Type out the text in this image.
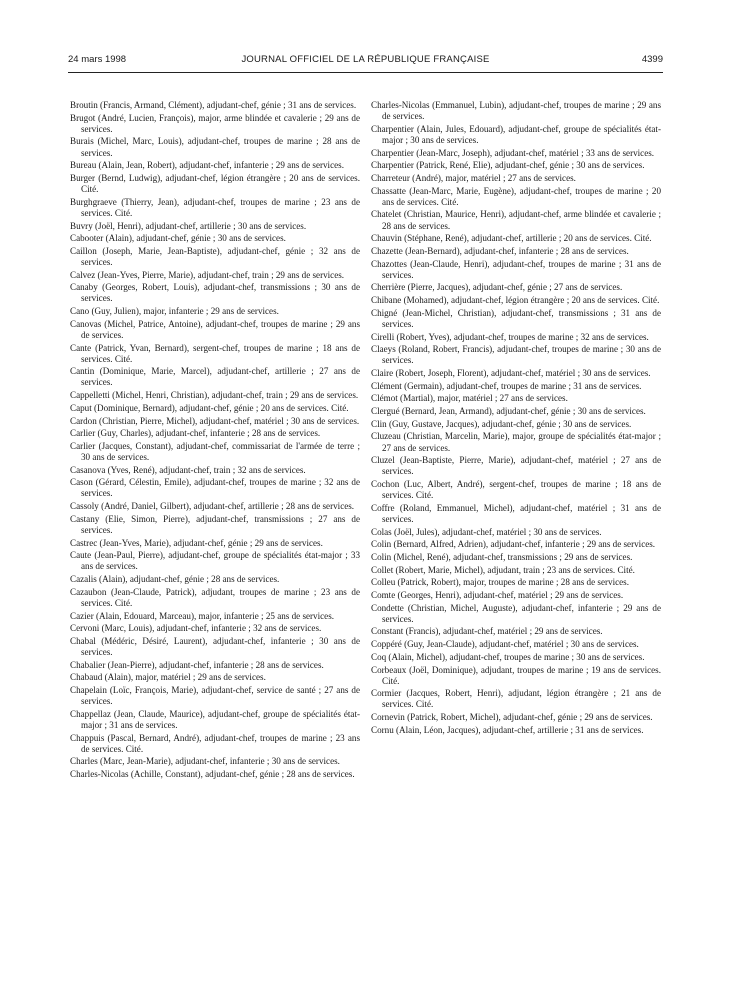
24 mars 1998	JOURNAL OFFICIEL DE LA RÉPUBLIQUE FRANÇAISE	4399

Broutin (Francis, Armand, Clément), adjudant-chef, génie ; 31 ans de services.

Brugot (André, Lucien, François), major, arme blindée et cavalerie ; 29 ans de services.

Burais (Michel, Marc, Louis), adjudant-chef, troupes de marine ; 28 ans de services.

Bureau (Alain, Jean, Robert), adjudant-chef, infanterie ; 29 ans de services.

Burger (Bernd, Ludwig), adjudant-chef, légion étrangère ; 20 ans de services. Cité.

Burghgraeve (Thierry, Jean), adjudant-chef, troupes de marine ; 23 ans de services. Cité.

Buvry (Joël, Henri), adjudant-chef, artillerie ; 30 ans de services.

Cabooter (Alain), adjudant-chef, génie ; 30 ans de services.

Caillon (Joseph, Marie, Jean-Baptiste), adjudant-chef, génie ; 32 ans de services.

Calvez (Jean-Yves, Pierre, Marie), adjudant-chef, train ; 29 ans de services.

Canaby (Georges, Robert, Louis), adjudant-chef, transmissions ; 30 ans de services.

Cano (Guy, Julien), major, infanterie ; 29 ans de services.

Canovas (Michel, Patrice, Antoine), adjudant-chef, troupes de marine ; 29 ans de services.

Cante (Patrick, Yvan, Bernard), sergent-chef, troupes de marine ; 18 ans de services. Cité.

Cantin (Dominique, Marie, Marcel), adjudant-chef, artillerie ; 27 ans de services.

Cappelletti (Michel, Henri, Christian), adjudant-chef, train ; 29 ans de services.

Caput (Dominique, Bernard), adjudant-chef, génie ; 20 ans de services. Cité.

Cardon (Christian, Pierre, Michel), adjudant-chef, matériel ; 30 ans de services.

Carlier (Guy, Charles), adjudant-chef, infanterie ; 28 ans de services.

Carlier (Jacques, Constant), adjudant-chef, commissariat de l'armée de terre ; 30 ans de services.

Casanova (Yves, René), adjudant-chef, train ; 32 ans de services.

Cason (Gérard, Célestin, Emile), adjudant-chef, troupes de marine ; 32 ans de services.

Cassoly (André, Daniel, Gilbert), adjudant-chef, artillerie ; 28 ans de services.

Castany (Elie, Simon, Pierre), adjudant-chef, transmissions ; 27 ans de services.

Castrec (Jean-Yves, Marie), adjudant-chef, génie ; 29 ans de services.

Caute (Jean-Paul, Pierre), adjudant-chef, groupe de spécialités état-major ; 33 ans de services.

Cazalis (Alain), adjudant-chef, génie ; 28 ans de services.

Cazaubon (Jean-Claude, Patrick), adjudant, troupes de marine ; 23 ans de services. Cité.

Cazier (Alain, Edouard, Marceau), major, infanterie ; 25 ans de services.

Cervoni (Marc, Louis), adjudant-chef, infanterie ; 32 ans de services.

Chabal (Médéric, Désiré, Laurent), adjudant-chef, infanterie ; 30 ans de services.

Chabalier (Jean-Pierre), adjudant-chef, infanterie ; 28 ans de services.

Chabaud (Alain), major, matériel ; 29 ans de services.

Chapelain (Loïc, François, Marie), adjudant-chef, service de santé ; 27 ans de services.

Chappellaz (Jean, Claude, Maurice), adjudant-chef, groupe de spécialités état-major ; 31 ans de services.

Chappuis (Pascal, Bernard, André), adjudant-chef, troupes de marine ; 23 ans de services. Cité.

Charles (Marc, Jean-Marie), adjudant-chef, infanterie ; 30 ans de services.

Charles-Nicolas (Achille, Constant), adjudant-chef, génie ; 28 ans de services.

Charles-Nicolas (Emmanuel, Lubin), adjudant-chef, troupes de marine ; 29 ans de services.

Charpentier (Alain, Jules, Edouard), adjudant-chef, groupe de spécialités état-major ; 30 ans de services.

Charpentier (Jean-Marc, Joseph), adjudant-chef, matériel ; 33 ans de services.

Charpentier (Patrick, René, Elie), adjudant-chef, génie ; 30 ans de services.

Charreteur (André), major, matériel ; 27 ans de services.

Chassatte (Jean-Marc, Marie, Eugène), adjudant-chef, troupes de marine ; 20 ans de services. Cité.

Chatelet (Christian, Maurice, Henri), adjudant-chef, arme blindée et cavalerie ; 28 ans de services.

Chauvin (Stéphane, René), adjudant-chef, artillerie ; 20 ans de services. Cité.

Chazette (Jean-Bernard), adjudant-chef, infanterie ; 28 ans de services.

Chazottes (Jean-Claude, Henri), adjudant-chef, troupes de marine ; 31 ans de services.

Cherrière (Pierre, Jacques), adjudant-chef, génie ; 27 ans de services.

Chibane (Mohamed), adjudant-chef, légion étrangère ; 20 ans de services. Cité.

Chigné (Jean-Michel, Christian), adjudant-chef, transmissions ; 31 ans de services.

Cirelli (Robert, Yves), adjudant-chef, troupes de marine ; 32 ans de services.

Claeys (Roland, Robert, Francis), adjudant-chef, troupes de marine ; 30 ans de services.

Claire (Robert, Joseph, Florent), adjudant-chef, matériel ; 30 ans de services.

Clément (Germain), adjudant-chef, troupes de marine ; 31 ans de services.

Clémot (Martial), major, matériel ; 27 ans de services.

Clergué (Bernard, Jean, Armand), adjudant-chef, génie ; 30 ans de services.

Clin (Guy, Gustave, Jacques), adjudant-chef, génie ; 30 ans de services.

Cluzeau (Christian, Marcelin, Marie), major, groupe de spécialités état-major ; 27 ans de services.

Cluzel (Jean-Baptiste, Pierre, Marie), adjudant-chef, matériel ; 27 ans de services.

Cochon (Luc, Albert, André), sergent-chef, troupes de marine ; 18 ans de services. Cité.

Coffre (Roland, Emmanuel, Michel), adjudant-chef, matériel ; 31 ans de services.

Colas (Joël, Jules), adjudant-chef, matériel ; 30 ans de services.

Colin (Bernard, Alfred, Adrien), adjudant-chef, infanterie ; 29 ans de services.

Colin (Michel, René), adjudant-chef, transmissions ; 29 ans de services.

Collet (Robert, Marie, Michel), adjudant, train ; 23 ans de services. Cité.

Colleu (Patrick, Robert), major, troupes de marine ; 28 ans de services.

Comte (Georges, Henri), adjudant-chef, matériel ; 29 ans de services.

Condette (Christian, Michel, Auguste), adjudant-chef, infanterie ; 29 ans de services.

Constant (Francis), adjudant-chef, matériel ; 29 ans de services.

Coppéré (Guy, Jean-Claude), adjudant-chef, matériel ; 30 ans de services.

Coq (Alain, Michel), adjudant-chef, troupes de marine ; 30 ans de services.

Corbeaux (Joël, Dominique), adjudant, troupes de marine ; 19 ans de services. Cité.

Cormier (Jacques, Robert, Henri), adjudant, légion étrangère ; 21 ans de services. Cité.

Cornevin (Patrick, Robert, Michel), adjudant-chef, génie ; 29 ans de services.

Cornu (Alain, Léon, Jacques), adjudant-chef, artillerie ; 31 ans de services.
